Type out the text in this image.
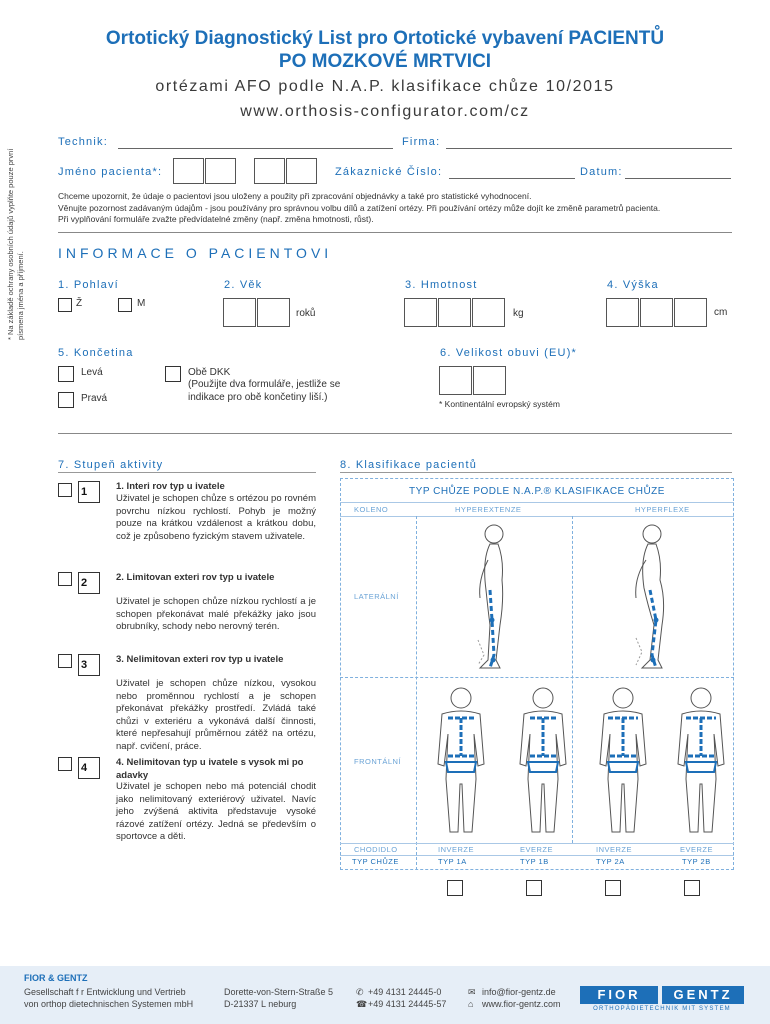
Ortotický Diagnostický List pro Ortotické vybavení PACIENTŮ
PO MOZKOVÉ MRTVICI
ortézami AFO podle N.A.P. klasifikace chůze 10/2015
www.orthosis-configurator.com/cz
* Na základě ochrany osobních údajů vyplňte pouze první
písmena jména a příjmení.
Technik:	Firma:
Jméno pacienta*:	Zákaznické Číslo:	Datum:
Chceme upozornit, že údaje o pacientovi jsou uloženy a použity při zpracování objednávky a také pro statistické vyhodnocení.
Věnujte pozornost zadávaným údajům - jsou používány pro správnou volbu dílů a zatížení ortézy. Při používání ortézy může dojít ke změně parametrů pacienta.
Při vyplňování formuláře zvažte předvídatelné změny (např. změna hmotnosti, růst).
INFORMACE O PACIENTOVI
1. Pohlaví
Ž	M
2. Věk
roků
3. Hmotnost
kg
4. Výška
cm
5. Končetina
Levá
Pravá
Obě DKK
(Použijte dva formuláře, jestliže se
indikace pro obě končetiny liší.)
6. Velikost obuvi (EU)*
* Kontinentální evropský systém
7. Stupeň aktivity
1	1. Interi rov typ u ivatele
Uživatel je schopen chůze s ortézou po rovném povrchu nízkou rychlostí. Pohyb je možný pouze na krátkou vzdálenost a krátkou dobu, což je způsobeno fyzickým stavem uživatele.
2	2. Limitovan exteri rov typ u ivatele
Uživatel je schopen chůze nízkou rychlostí a je schopen překonávat malé překážky jako jsou obrubníky, schody nebo nerovný terén.
3	3. Nelimitovan exteri rov typ u ivatele
Uživatel je schopen chůze nízkou, vysokou nebo proměnnou rychlostí a je schopen překonávat překážky prostředí. Zvládá také chůzi v exteriéru a vykonává další činnosti, které nepřesahují průměrnou zátěž na ortézu, např. cvičení, práce.
4	4. Nelimitovan typ u ivatele s vysok mi po adavky
Uživatel je schopen nebo má potenciál chodit jako nelimitovaný exteriérový uživatel. Navíc jeho zvýšená aktivita představuje vysoké rázové zatížení ortézy. Jedná se především o sportovce a děti.
8. Klasifikace pacientů
TYP CHŮZE PODLE N.A.P.® KLASIFIKACE CHŮZE
KOLENO	HYPEREXTENZE	HYPERFLEXE
LATERÁLNÍ
FRONTÁLNÍ
CHODIDLO	INVERZE	EVERZE	INVERZE	EVERZE
TYP CHŮZE	TYP 1A	TYP 1B	TYP 2A	TYP 2B
FIOR & GENTZ
Gesellschaft f r Entwicklung und Vertrieb
von orthop dietechnischen Systemen mbH
Dorette-von-Stern-Straße 5
D-21337 L neburg
✆ +49 4131 24445-0
☎ +49 4131 24445-57
✉ info@fior-gentz.de
⌂ www.fior-gentz.com
FIOR	GENTZ
ORTHOPÄDIETECHNIK MIT SYSTEM
